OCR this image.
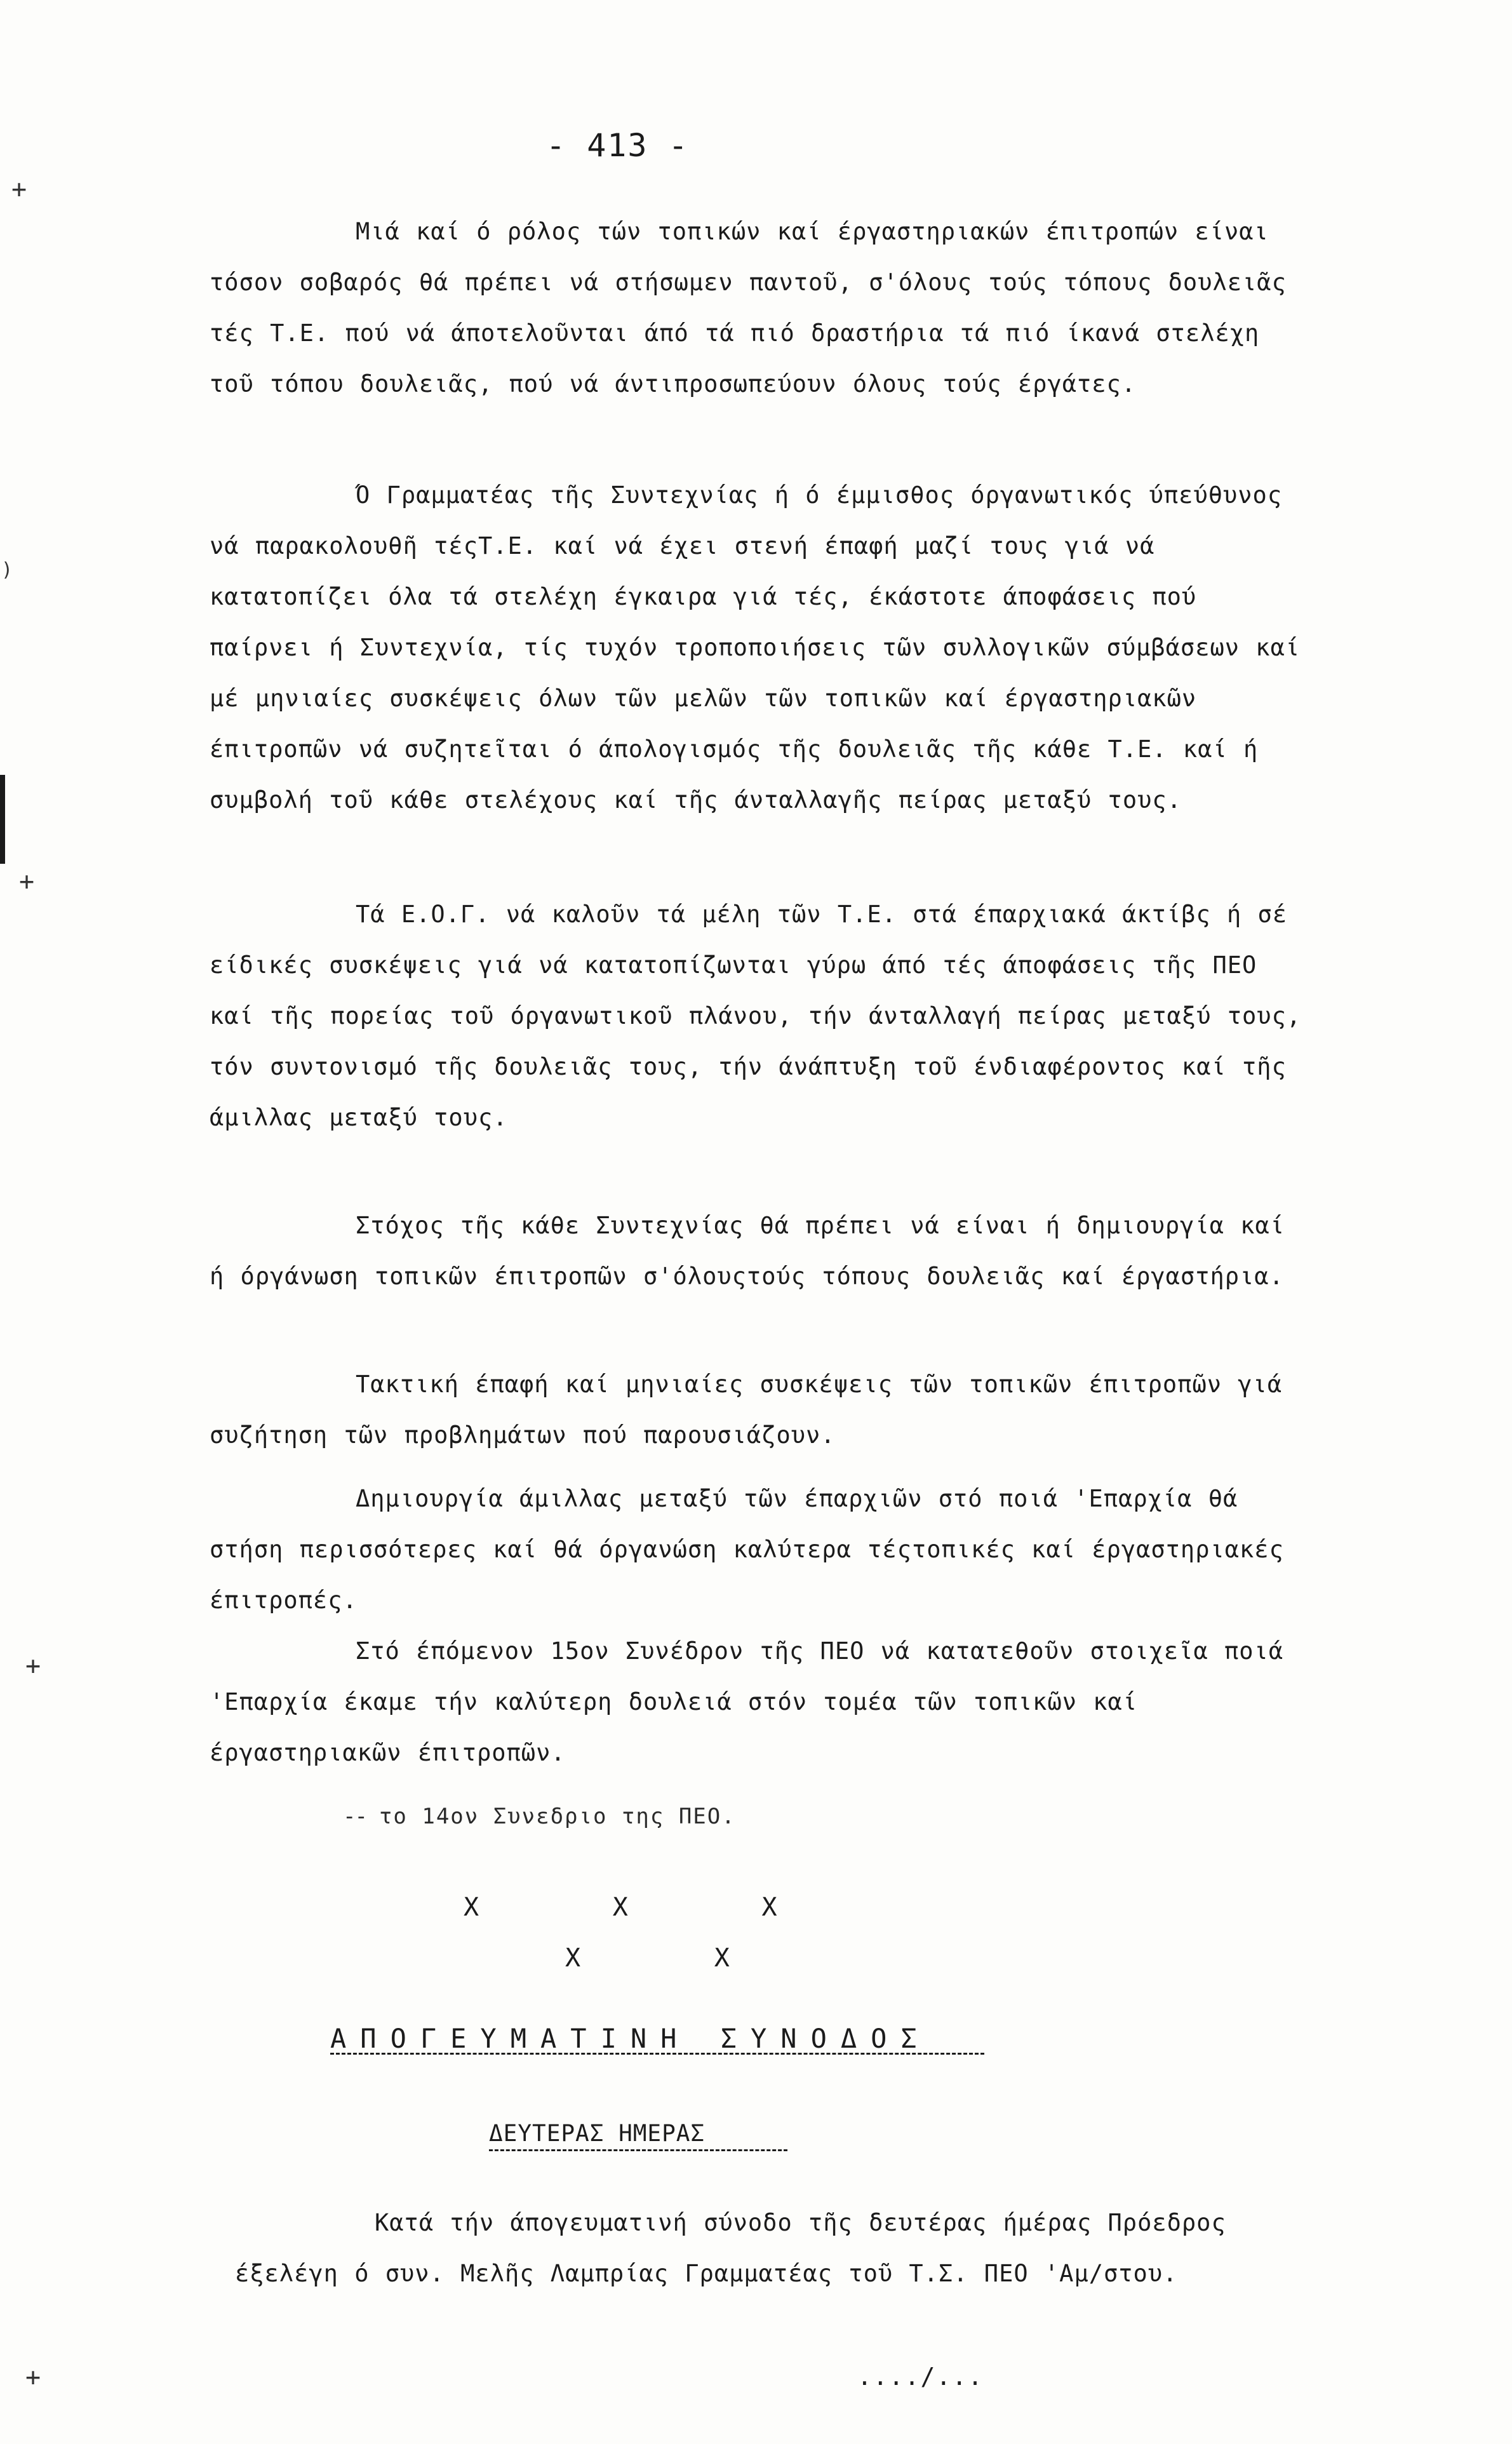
- 413 -

Μιά καί ό ρόλος τών τοπικών καί έργαστηριακών έπιτροπών είναι τόσον σοβαρός θά πρέπει νά στήσωμεν παντοῦ, σ'όλους τούς τόπους δουλειᾶς τές Τ.Ε. πού νά άποτελοῦνται άπό τά πιό δραστήρια τά πιό ίκανά στελέχη τοῦ τόπου δουλειᾶς, πού νά άντιπροσωπεύουν όλους τούς έργάτες.

Ό Γραμματέας τῆς Συντεχνίας ή ό έμμισθος όργανωτικός ύπεύθυνος νά παρακολουθῆ τέςΤ.Ε. καί νά έχει στενή έπαφή μαζί τους γιά νά κατατοπίζει όλα τά στελέχη έγκαιρα γιά τές, έκάστοτε άποφάσεις πού παίρνει ή Συντεχνία, τίς τυχόν τροποποιήσεις τῶν συλλογικῶν σύμβάσεων καί μέ μηνιαίες συσκέψεις όλων τῶν μελῶν τῶν τοπικῶν καί έργαστηριακῶν έπιτροπῶν νά συζητεῖται ό άπολογισμός τῆς δουλειᾶς τῆς κάθε Τ.Ε. καί ή συμβολή τοῦ κάθε στελέχους καί τῆς άνταλλαγῆς πείρας μεταξύ τους.

Τά Ε.Ο.Γ. νά καλοῦν τά μέλη τῶν Τ.Ε. στά έπαρχιακά άκτίβς ή σέ είδικές συσκέψεις γιά νά κατατοπίζωνται γύρω άπό τές άποφάσεις τῆς ΠΕΟ καί τῆς πορείας τοῦ όργανωτικοῦ πλάνου, τήν άνταλλαγή πείρας μεταξύ τους, τόν συντονισμό τῆς δουλειᾶς τους, τήν άνάπτυξη τοῦ ένδιαφέροντος καί τῆς άμιλλας μεταξύ τους.

Στόχος τῆς κάθε Συντεχνίας θά πρέπει νά είναι ή δημιουργία καί ή όργάνωση τοπικῶν έπιτροπῶν σ'όλουςτούς τόπους δουλειᾶς καί έργαστήρια.

Τακτική έπαφή καί μηνιαίες συσκέψεις τῶν τοπικῶν έπιτροπῶν γιά συζήτηση τῶν προβλημάτων πού παρουσιάζουν.

Δημιουργία άμιλλας μεταξύ τῶν έπαρχιῶν στό ποιά 'Επαρχία θά στήση περισσότερες καί θά όργανώση καλύτερα τέςτοπικές καί έργαστηριακές έπιτροπές.

Στό έπόμενον 15ον Συνέδρον τῆς ΠΕΟ νά κατατεθοῦν στοιχεῖα ποιά 'Επαρχία έκαμε τήν καλύτερη δουλειά στόν τομέα τῶν τοπικῶν καί έργαστηριακῶν έπιτροπῶν.

-- το 14ον Συνεδριο της ΠΕΟ.
Χ        Χ        Χ
Χ        Χ
ΑΠΟΓΕΥΜΑΤΙΝΗ ΣΥΝΟΔΟΣ
ΔΕΥΤΕΡΑΣ ΗΜΕΡΑΣ

Κατά τήν άπογευματινή σύνοδο τῆς δευτέρας ήμέρας Πρόεδρος έξελέγη ό συν. Μελῆς Λαμπρίας Γραμματέας τοῦ Τ.Σ. ΠΕΟ 'Αμ/στου.

..../...
+
+
+
+
)
